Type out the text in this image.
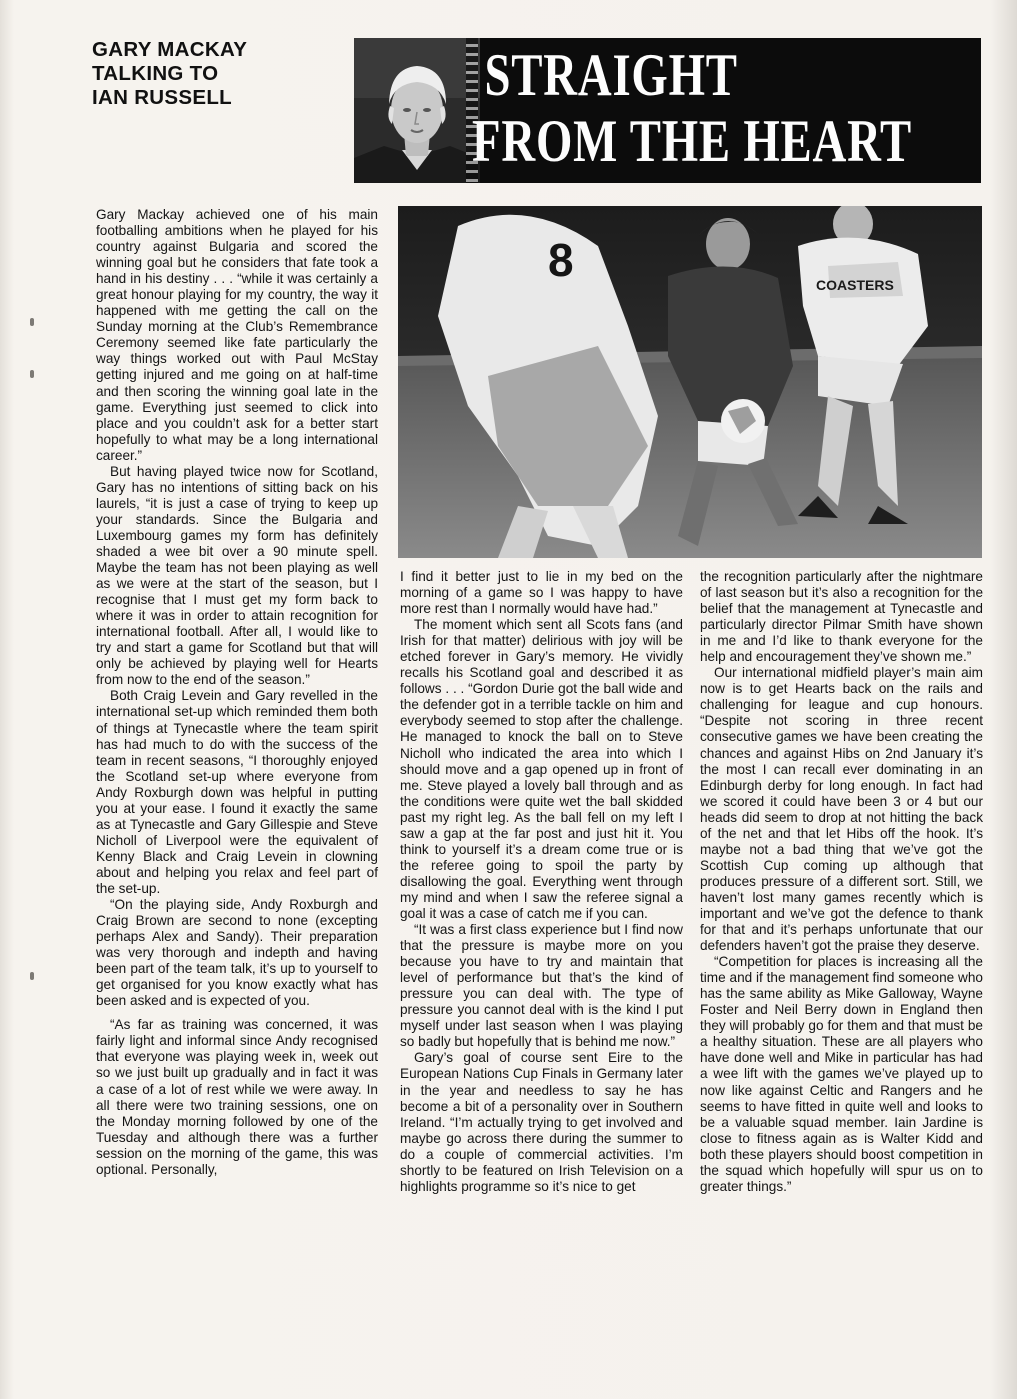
GARY MACKAY
TALKING TO
IAN RUSSELL	STRAIGHT
FROM THE HEART
8	COASTERS

Gary Mackay achieved one of his main footballing ambitions when he played for his country against Bulgaria and scored the winning goal but he considers that fate took a hand in his destiny . . . “while it was certainly a great honour playing for my country, the way it happened with me getting the call on the Sunday morning at the Club’s Remembrance Ceremony seemed like fate particularly the way things worked out with Paul McStay getting injured and me going on at half-time and then scoring the winning goal late in the game. Everything just seemed to click into place and you couldn’t ask for a better start hopefully to what may be a long international career.”

But having played twice now for Scotland, Gary has no intentions of sitting back on his laurels, “it is just a case of trying to keep up your standards. Since the Bulgaria and Luxembourg games my form has definitely shaded a wee bit over a 90 minute spell. Maybe the team has not been playing as well as we were at the start of the season, but I recognise that I must get my form back to where it was in order to attain recognition for international football. After all, I would like to try and start a game for Scotland but that will only be achieved by playing well for Hearts from now to the end of the season.”

Both Craig Levein and Gary revelled in the international set-up which reminded them both of things at Tynecastle where the team spirit has had much to do with the success of the team in recent seasons, “I thoroughly enjoyed the Scotland set-up where everyone from Andy Roxburgh down was helpful in putting you at your ease. I found it exactly the same as at Tynecastle and Gary Gillespie and Steve Nicholl of Liverpool were the equivalent of Kenny Black and Craig Levein in clowning about and helping you relax and feel part of the set-up.

“On the playing side, Andy Roxburgh and Craig Brown are second to none (excepting perhaps Alex and Sandy). Their preparation was very thorough and indepth and having been part of the team talk, it’s up to yourself to get organised for you know exactly what has been asked and is expected of you.

“As far as training was concerned, it was fairly light and informal since Andy recognised that everyone was playing week in, week out so we just built up gradually and in fact it was a case of a lot of rest while we were away. In all there were two training sessions, one on the Monday morning followed by one of the Tuesday and although there was a further session on the morning of the game, this was optional. Personally,

I find it better just to lie in my bed on the morning of a game so I was happy to have more rest than I normally would have had.”

The moment which sent all Scots fans (and Irish for that matter) delirious with joy will be etched forever in Gary’s memory. He vividly recalls his Scotland goal and described it as follows . . . “Gordon Durie got the ball wide and the defender got in a terrible tackle on him and everybody seemed to stop after the challenge. He managed to knock the ball on to Steve Nicholl who indicated the area into which I should move and a gap opened up in front of me. Steve played a lovely ball through and as the conditions were quite wet the ball skidded past my right leg. As the ball fell on my left I saw a gap at the far post and just hit it. You think to yourself it’s a dream come true or is the referee going to spoil the party by disallowing the goal. Everything went through my mind and when I saw the referee signal a goal it was a case of catch me if you can.

“It was a first class experience but I find now that the pressure is maybe more on you because you have to try and maintain that level of performance but that’s the kind of pressure you can deal with. The type of pressure you cannot deal with is the kind I put myself under last season when I was playing so badly but hopefully that is behind me now.”

Gary’s goal of course sent Eire to the European Nations Cup Finals in Germany later in the year and needless to say he has become a bit of a personality over in Southern Ireland. “I’m actually trying to get involved and maybe go across there during the summer to do a couple of commercial activities. I’m shortly to be featured on Irish Television on a highlights programme so it’s nice to get

the recognition particularly after the nightmare of last season but it’s also a recognition for the belief that the management at Tynecastle and particularly director Pilmar Smith have shown in me and I’d like to thank everyone for the help and encouragement they’ve shown me.”

Our international midfield player’s main aim now is to get Hearts back on the rails and challenging for league and cup honours. “Despite not scoring in three recent consecutive games we have been creating the chances and against Hibs on 2nd January it’s the most I can recall ever dominating in an Edinburgh derby for long enough. In fact had we scored it could have been 3 or 4 but our heads did seem to drop at not hitting the back of the net and that let Hibs off the hook. It’s maybe not a bad thing that we’ve got the Scottish Cup coming up although that produces pressure of a different sort. Still, we haven’t lost many games recently which is important and we’ve got the defence to thank for that and it’s perhaps unfortunate that our defenders haven’t got the praise they deserve.

“Competition for places is increasing all the time and if the management find someone who has the same ability as Mike Galloway, Wayne Foster and Neil Berry down in England then they will probably go for them and that must be a healthy situation. These are all players who have done well and Mike in particular has had a wee lift with the games we’ve played up to now like against Celtic and Rangers and he seems to have fitted in quite well and looks to be a valuable squad member. Iain Jardine is close to fitness again as is Walter Kidd and both these players should boost competition in the squad which hopefully will spur us on to greater things.”
